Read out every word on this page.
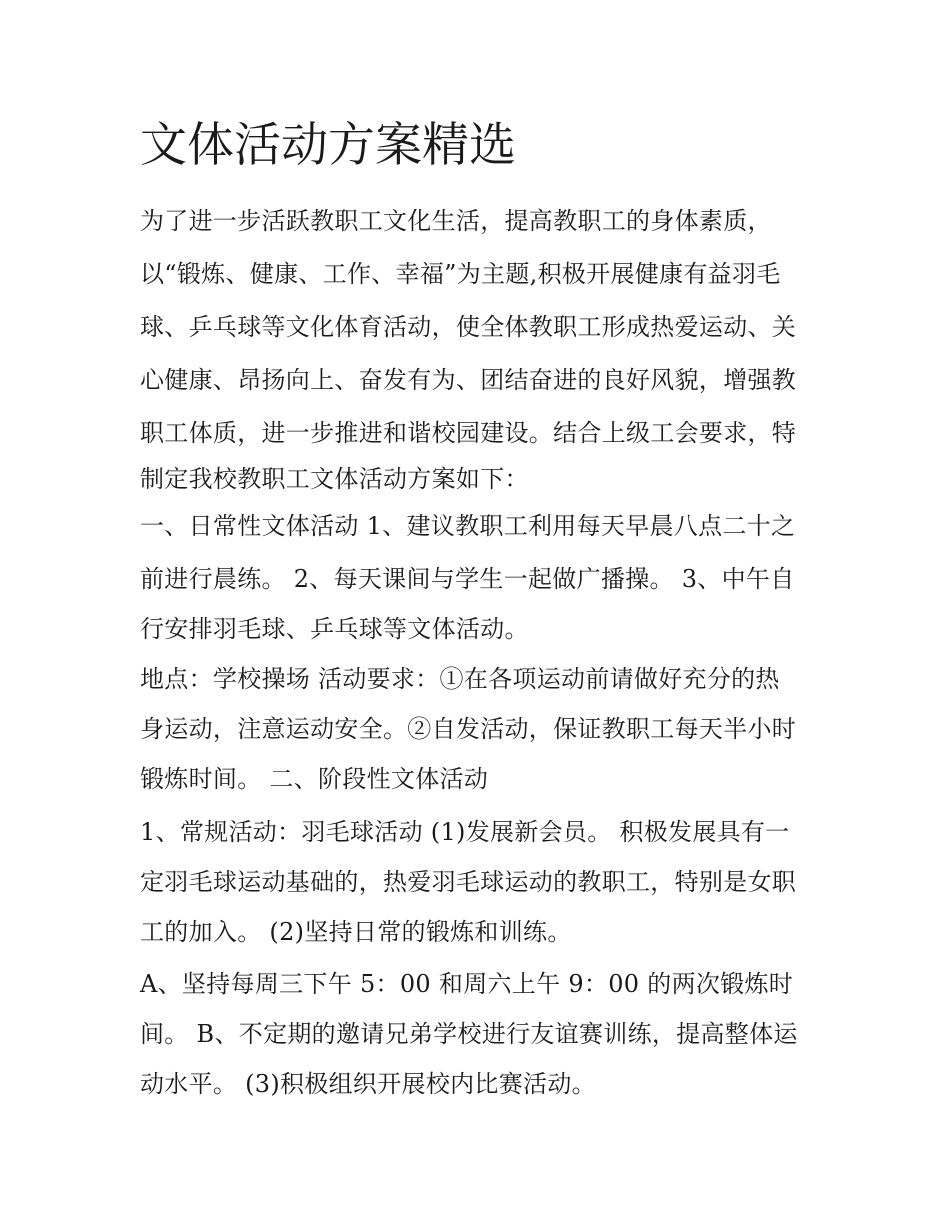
文体活动方案精选
为了进一步活跃教职工文化生活，提高教职工的身体素质，
以“锻炼、健康、工作、幸福”为主题,积极开展健康有益羽毛
球、乒乓球等文化体育活动，使全体教职工形成热爱运动、关
心健康、昂扬向上、奋发有为、团结奋进的良好风貌，增强教
职工体质，进一步推进和谐校园建设。结合上级工会要求，特
制定我校教职工文体活动方案如下：
一、日常性文体活动 1、建议教职工利用每天早晨八点二十之
前进行晨练。 2、每天课间与学生一起做广播操。 3、中午自
行安排羽毛球、乒乓球等文体活动。
地点：学校操场 活动要求：①在各项运动前请做好充分的热
身运动，注意运动安全。②自发活动，保证教职工每天半小时
锻炼时间。 二、阶段性文体活动
1、常规活动：羽毛球活动 (1)发展新会员。 积极发展具有一
定羽毛球运动基础的，热爱羽毛球运动的教职工，特别是女职
工的加入。 (2)坚持日常的锻炼和训练。
A、坚持每周三下午 5：00 和周六上午 9：00 的两次锻炼时
间。 B、不定期的邀请兄弟学校进行友谊赛训练，提高整体运
动水平。 (3)积极组织开展校内比赛活动。
